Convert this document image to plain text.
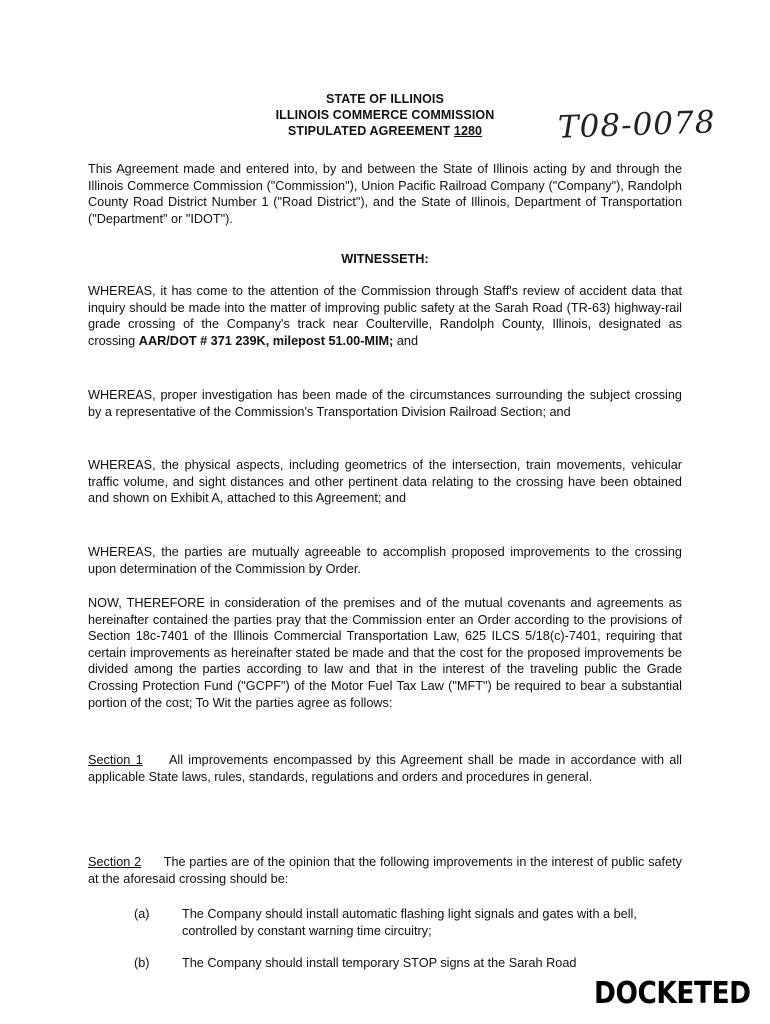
STATE OF ILLINOIS
ILLINOIS COMMERCE COMMISSION
STIPULATED AGREEMENT 1280	T08-0078

This Agreement made and entered into, by and between the State of Illinois acting by and through the Illinois Commerce Commission ("Commission"), Union Pacific Railroad Company ("Company"), Randolph County Road District Number 1 ("Road District"), and the State of Illinois, Department of Transportation ("Department" or "IDOT").

WITNESSETH:

WHEREAS, it has come to the attention of the Commission through Staff's review of accident data that inquiry should be made into the matter of improving public safety at the Sarah Road (TR-63) highway-rail grade crossing of the Company's track near Coulterville, Randolph County, Illinois, designated as crossing AAR/DOT # 371 239K, milepost 51.00-MIM; and

WHEREAS, proper investigation has been made of the circumstances surrounding the subject crossing by a representative of the Commission's Transportation Division Railroad Section; and

WHEREAS, the physical aspects, including geometrics of the intersection, train movements, vehicular traffic volume, and sight distances and other pertinent data relating to the crossing have been obtained and shown on Exhibit A, attached to this Agreement; and

WHEREAS, the parties are mutually agreeable to accomplish proposed improvements to the crossing upon determination of the Commission by Order.

NOW, THEREFORE in consideration of the premises and of the mutual covenants and agreements as hereinafter contained the parties pray that the Commission enter an Order according to the provisions of Section 18c-7401 of the Illinois Commercial Transportation Law, 625 ILCS 5/18(c)-7401, requiring that certain improvements as hereinafter stated be made and that the cost for the proposed improvements be divided among the parties according to law and that in the interest of the traveling public the Grade Crossing Protection Fund ("GCPF") of the Motor Fuel Tax Law ("MFT") be required to bear a substantial portion of the cost; To Wit the parties agree as follows:

Section 1 All improvements encompassed by this Agreement shall be made in accordance with all applicable State laws, rules, standards, regulations and orders and procedures in general.

Section 2 The parties are of the opinion that the following improvements in the interest of public safety at the aforesaid crossing should be:

(a)	The Company should install automatic flashing light signals and gates with a bell, controlled by constant warning time circuitry;
(b)	The Company should install temporary STOP signs at the Sarah Road
DOCKETED
